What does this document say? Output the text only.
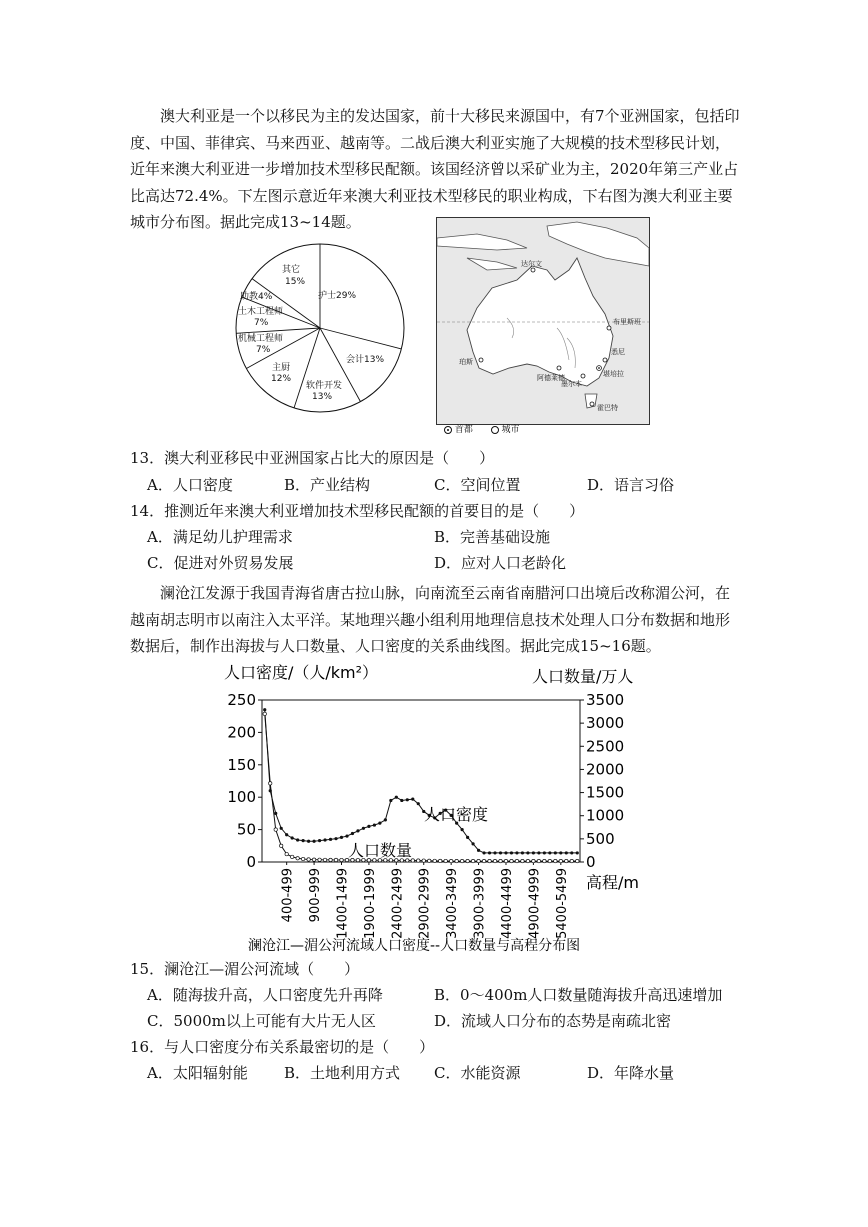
澳大利亚是一个以移民为主的发达国家，前十大移民来源国中，有7个亚洲国家，包括印度、中国、菲律宾、马来西亚、越南等。二战后澳大利亚实施了大规模的技术型移民计划，近年来澳大利亚进一步增加技术型移民配额。该国经济曾以采矿业为主，2020年第三产业占比高达72.4%。下左图示意近年来澳大利亚技术型移民的职业构成，下右图为澳大利亚主要城市分布图。据此完成13~14题。
护士29%
会计13%
软件开发
13%
主厨
12%
机械工程师
7%
土木工程师
7%
助教4%
其它
15%
珀斯
悉尼
堪培拉
墨尔本
霍巴特
布里斯班
达尔文
阿德莱德
首都	城市
13．澳大利亚移民中亚洲国家占比大的原因是（　　）
A．人口密度	B．产业结构	C．空间位置	D．语言习俗
14．推测近年来澳大利亚增加技术型移民配额的首要目的是（　　）
A．满足幼儿护理需求	B．完善基础设施
C．促进对外贸易发展	D．应对人口老龄化
澜沧江发源于我国青海省唐古拉山脉，向南流至云南省南腊河口出境后改称湄公河，在越南胡志明市以南注入太平洋。某地理兴趣小组利用地理信息技术处理人口分布数据和地形数据后，制作出海拔与人口数量、人口密度的关系曲线图。据此完成15~16题。
人口密度/（人/km²）	人口数量/万人
0
50
100
150
200
250
0
500
1000
1500
2000
2500
3000
3500
400-499 900-999 1400-1499 1900-1999 2400-2499 2900-2999 3400-3499 3900-3999 4400-4499 4900-4999 5400-5499
人口密度
人口数量
高程/m
澜沧江—湄公河流域人口密度--人口数量与高程分布图
15．澜沧江—湄公河流域（　　）
A．随海拔升高，人口密度先升再降	B．0～400m人口数量随海拔升高迅速增加
C．5000m以上可能有大片无人区	D．流域人口分布的态势是南疏北密
16．与人口密度分布关系最密切的是（　　）
A．太阳辐射能 B．土地利用方式 C．水能资源	D．年降水量
